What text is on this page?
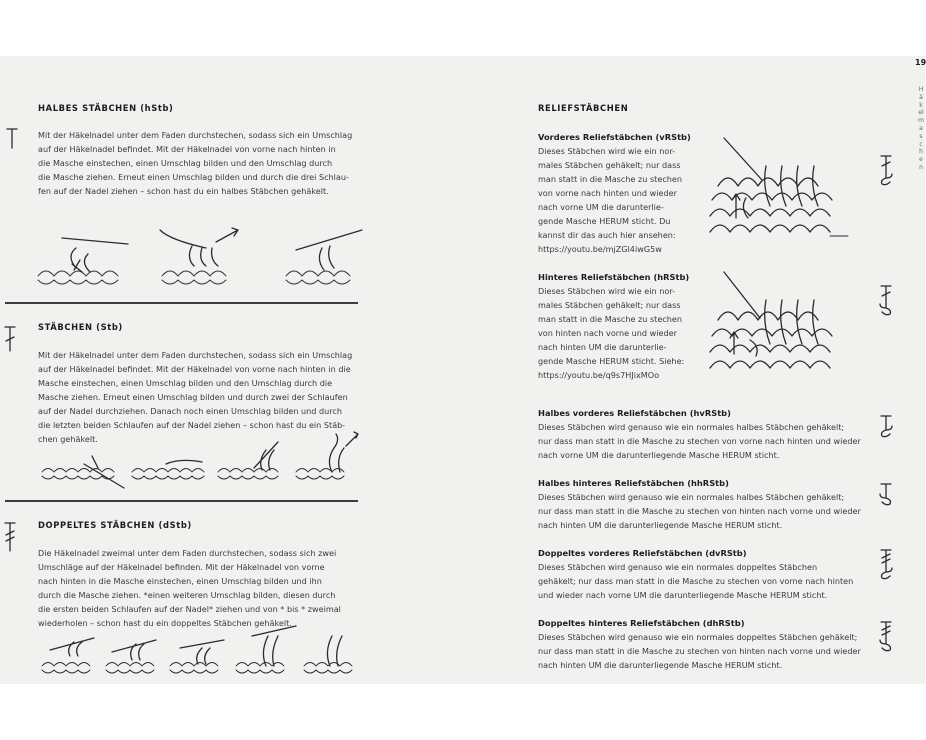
HALBES STÄBCHEN (hStb)
Mit der Häkelnadel unter dem Faden durchstechen, sodass sich ein Umschlag
auf der Häkelnadel befindet. Mit der Häkelnadel von vorne nach hinten in
die Masche einstechen, einen Umschlag bilden und den Umschlag durch
die Masche ziehen. Erneut einen Umschlag bilden und durch die drei Schlau-
fen auf der Nadel ziehen – schon hast du ein halbes Stäbchen gehäkelt.
STÄBCHEN (Stb)
Mit der Häkelnadel unter dem Faden durchstechen, sodass sich ein Umschlag
auf der Häkelnadel befindet. Mit der Häkelnadel von vorne nach hinten in die
Masche einstechen, einen Umschlag bilden und den Umschlag durch die
Masche ziehen. Erneut einen Umschlag bilden und durch zwei der Schlaufen
auf der Nadel durchziehen. Danach noch einen Umschlag bilden und durch
die letzten beiden Schlaufen auf der Nadel ziehen – schon hast du ein Stäb-
chen gehäkelt.
DOPPELTES STÄBCHEN (dStb)
Die Häkelnadel zweimal unter dem Faden durchstechen, sodass sich zwei
Umschläge auf der Häkelnadel befinden. Mit der Häkelnadel von vorne
nach hinten in die Masche einstechen, einen Umschlag bilden und ihn
durch die Masche ziehen. *einen weiteren Umschlag bilden, diesen durch
die ersten beiden Schlaufen auf der Nadel* ziehen und von * bis * zweimal
wiederholen – schon hast du ein doppeltes Stäbchen gehäkelt.
19
Häkelmaschen
RELIEFSTÄBCHEN
Vorderes Reliefstäbchen (vRStb)
Dieses Stäbchen wird wie ein nor-
males Stäbchen gehäkelt; nur dass
man statt in die Masche zu stechen
von vorne nach hinten und wieder
nach vorne UM die darunterlie-
gende Masche HERUM sticht. Du
kannst dir das auch hier ansehen:
https://youtu.be/mjZGl4iwG5w
Hinteres Reliefstäbchen (hRStb)
Dieses Stäbchen wird wie ein nor-
males Stäbchen gehäkelt; nur dass
man statt in die Masche zu stechen
von hinten nach vorne und wieder
nach hinten UM die darunterlie-
gende Masche HERUM sticht. Siehe:
https://youtu.be/q9s7HJixMOo
Halbes vorderes Reliefstäbchen (hvRStb)
Dieses Stäbchen wird genauso wie ein normales halbes Stäbchen gehäkelt;
nur dass man statt in die Masche zu stechen von vorne nach hinten und wieder
nach vorne UM die darunterliegende Masche HERUM sticht.
Halbes hinteres Reliefstäbchen (hhRStb)
Dieses Stäbchen wird genauso wie ein normales halbes Stäbchen gehäkelt;
nur dass man statt in die Masche zu stechen von hinten nach vorne und wieder
nach hinten UM die darunterliegende Masche HERUM sticht.
Doppeltes vorderes Reliefstäbchen (dvRStb)
Dieses Stäbchen wird genauso wie ein normales doppeltes Stäbchen
gehäkelt; nur dass man statt in die Masche zu stechen von vorne nach hinten
und wieder nach vorne UM die darunterliegende Masche HERUM sticht.
Doppeltes hinteres Reliefstäbchen (dhRStb)
Dieses Stäbchen wird genauso wie ein normales doppeltes Stäbchen gehäkelt;
nur dass man statt in die Masche zu stechen von hinten nach vorne und wieder
nach hinten UM die darunterliegende Masche HERUM sticht.
